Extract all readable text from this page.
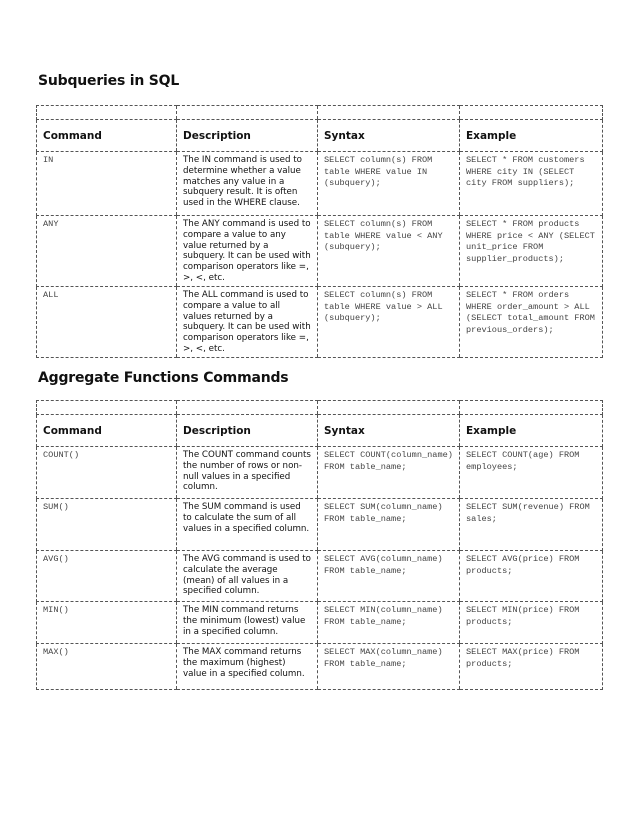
Subqueries in SQL

Command	Description	Syntax	Example
IN	The IN command is used to determine whether a value matches any value in a subquery result. It is often used in the WHERE clause.	SELECT column(s) FROM table WHERE value IN (subquery);	SELECT * FROM customers WHERE city IN (SELECT city FROM suppliers);
ANY	The ANY command is used to compare a value to any value returned by a subquery. It can be used with comparison operators like =, >, <, etc.	SELECT column(s) FROM table WHERE value < ANY (subquery);	SELECT * FROM products WHERE price < ANY (SELECT unit_price FROM supplier_products);
ALL	The ALL command is used to compare a value to all values returned by a subquery. It can be used with comparison operators like =, >, <, etc.	SELECT column(s) FROM table WHERE value > ALL (subquery);	SELECT * FROM orders WHERE order_amount > ALL (SELECT total_amount FROM previous_orders);
Aggregate Functions Commands

Command	Description	Syntax	Example
COUNT()	The COUNT command counts the number of rows or non-null values in a specified column.	SELECT COUNT(column_name) FROM table_name;	SELECT COUNT(age) FROM employees;
SUM()	The SUM command is used to calculate the sum of all values in a specified column.	SELECT SUM(column_name) FROM table_name;	SELECT SUM(revenue) FROM sales;
AVG()	The AVG command is used to calculate the average (mean) of all values in a specified column.	SELECT AVG(column_name) FROM table_name;	SELECT AVG(price) FROM products;
MIN()	The MIN command returns the minimum (lowest) value in a specified column.	SELECT MIN(column_name) FROM table_name;	SELECT MIN(price) FROM products;
MAX()	The MAX command returns the maximum (highest) value in a specified column.	SELECT MAX(column_name) FROM table_name;	SELECT MAX(price) FROM products;
